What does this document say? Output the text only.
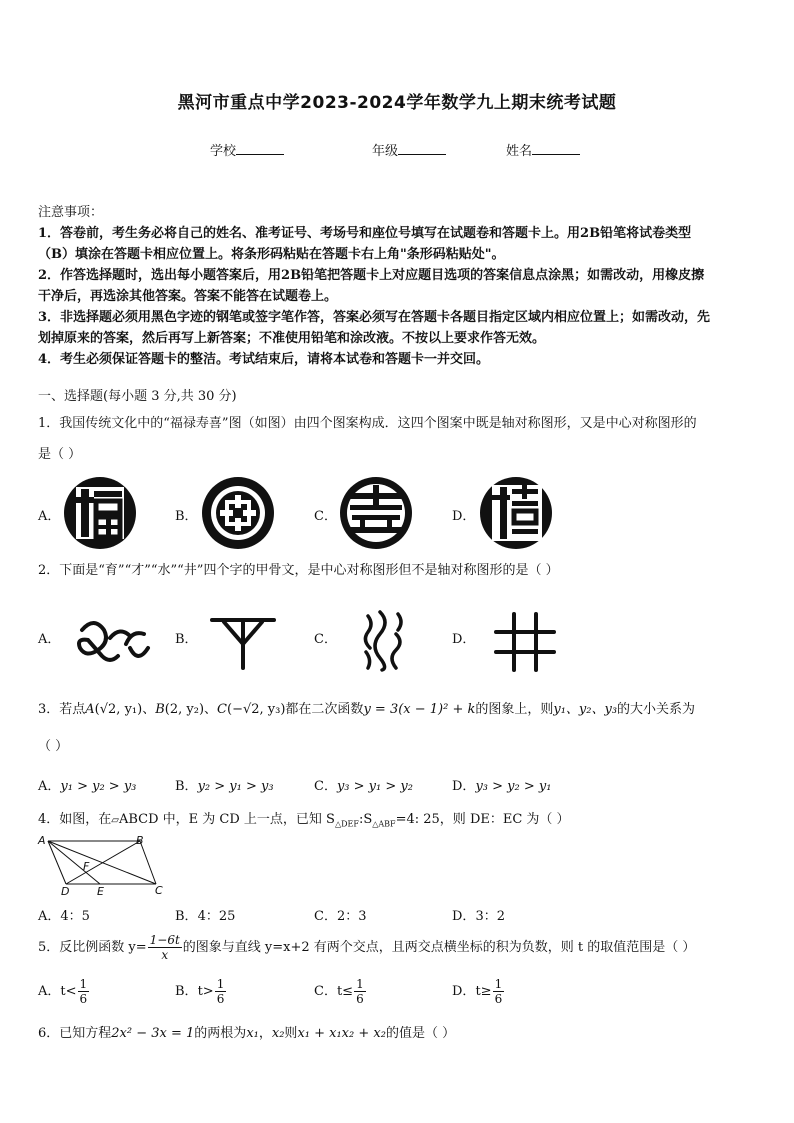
黑河市重点中学2023-2024学年数学九上期末统考试题
学校	年级	姓名

注意事项：

1．答卷前，考生务必将自己的姓名、准考证号、考场号和座位号填写在试题卷和答题卡上。用2B铅笔将试卷类型

（B）填涂在答题卡相应位置上。将条形码粘贴在答题卡右上角"条形码粘贴处"。

2．作答选择题时，选出每小题答案后，用2B铅笔把答题卡上对应题目选项的答案信息点涂黑；如需改动，用橡皮擦

干净后，再选涂其他答案。答案不能答在试题卷上。

3．非选择题必须用黑色字迹的钢笔或签字笔作答，答案必须写在答题卡各题目指定区域内相应位置上；如需改动，先

划掉原来的答案，然后再写上新答案；不准使用铅笔和涂改液。不按以上要求作答无效。

4．考生必须保证答题卡的整洁。考试结束后，请将本试卷和答题卡一并交回。

一、选择题(每小题 3 分,共 30 分)
1．我国传统文化中的“福禄寿喜”图（如图）由四个图案构成．这四个图案中既是轴对称图形，又是中心对称图形的
是（ ）
A．	B．	C．	D．
2．下面是“育”“才”“水”“井”四个字的甲骨文，是中心对称图形但不是轴对称图形的是（ ）
A．	B．	C．	D．
3．若点A(√2, y₁)、B(2, y₂)、C(−√2, y₃)都在二次函数y = 3(x − 1)² + k的图象上，则y₁、y₂、y₃的大小关系为
（ ）
A．y₁ > y₂ > y₃	B．y₂ > y₁ > y₃	C．y₃ > y₁ > y₂	D．y₃ > y₂ > y₁
4．如图，在▱ABCD 中，E 为 CD 上一点，已知 $S_{\triangle DEF}:S_{\triangle ABF}=4$: 25，则 DE：EC 为（ ）
A	B
C
D	E
F
A．4：5	B．4：25	C．2：3	D．3：2
5．反比例函数 $y= \frac{1-6t}{x}$ 的图象与直线 y=x+2 有两个交点，且两交点横坐标的积为负数，则 t 的取值范围是（ ）
A．$t< \frac{1}{6}$	B．$t> \frac{1}{6}$	C．$t\le \frac{1}{6}$	D．$t\ge \frac{1}{6}$
6．已知方程2x² − 3x = 1的两根为x₁，x₂则x₁ + x₁x₂ + x₂的值是（ ）
